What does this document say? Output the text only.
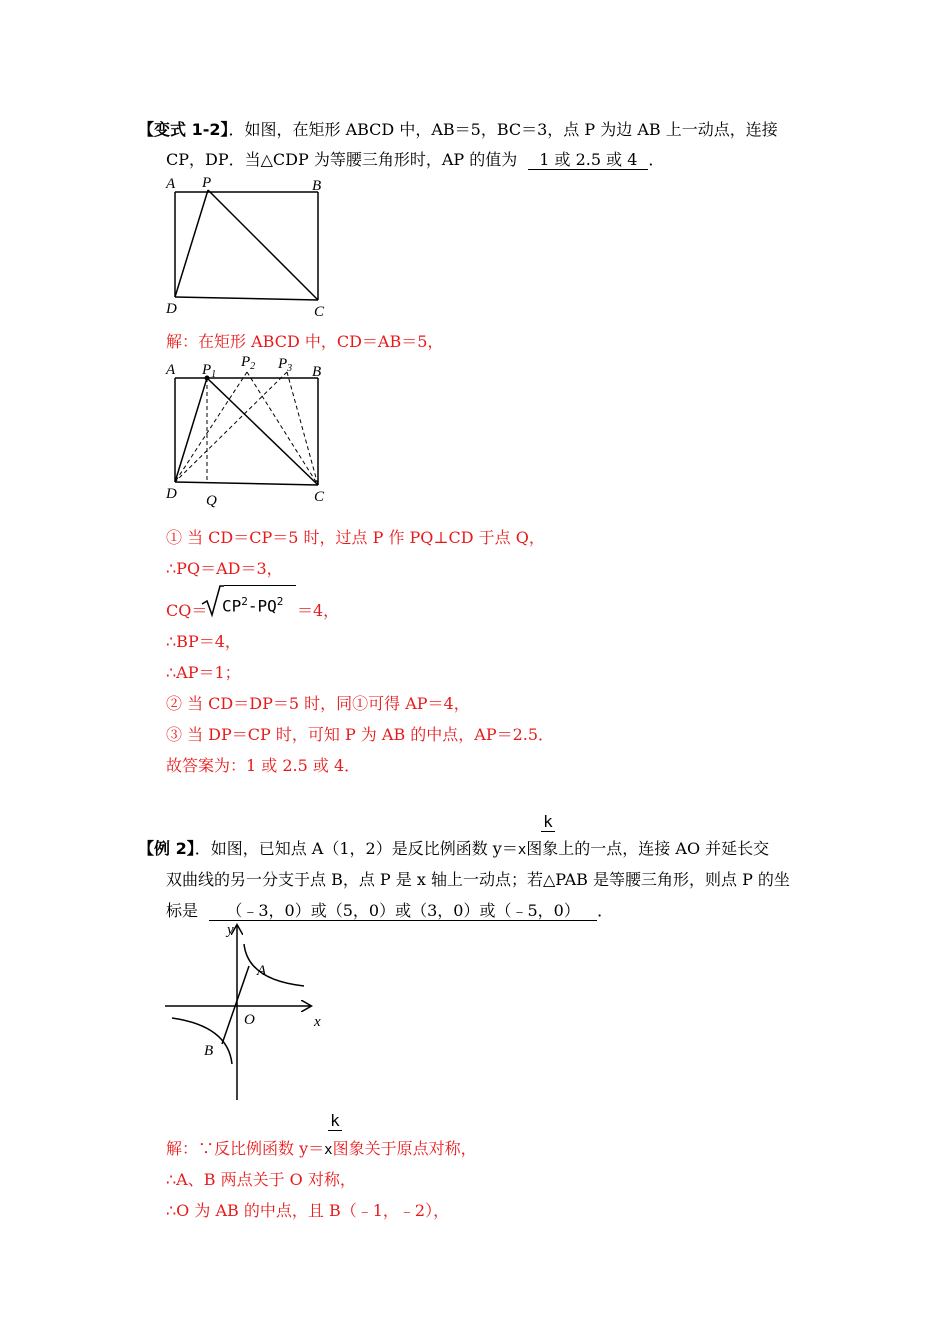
【变式 1-2】．如图，在矩形 ABCD 中，AB＝5，BC＝3，点 P 为边 AB 上一动点，连接
CP，DP．当△CDP 为等腰三角形时，AP 的值为 1 或 2.5 或 4 ．
A P	B
D	C
解：在矩形 ABCD 中，CD＝AB＝5，
A $P_1$
$P_2$ $P_3$ B
D Q	C
① 当 CD＝CP＝5 时，过点 P 作 PQ⊥CD 于点 Q，
∴PQ＝AD＝3，
$CQ= CP^2-PQ^2 =4$，
∴BP＝4，
∴AP＝1；
② 当 CD＝DP＝5 时，同①可得 AP＝4，
③ 当 DP＝CP 时，可知 P 为 AB 的中点，AP＝2.5．
故答案为：1 或 2.5 或 4．
k
【例 2】．如图，已知点 A（1，2）是反比例函数 y＝x图象上的一点，连接 AO 并延长交
双曲线的另一分支于点 B，点 P 是 x 轴上一动点；若△PAB 是等腰三角形，则点 P 的坐
标是 （﹣3，0）或（5，0）或（3，0）或（﹣5，0） ．
y
A
O	x
B
k
解：∵反比例函数 y＝x图象关于原点对称，
∴A、B 两点关于 O 对称，
∴O 为 AB 的中点，且 B（﹣1，﹣2），
